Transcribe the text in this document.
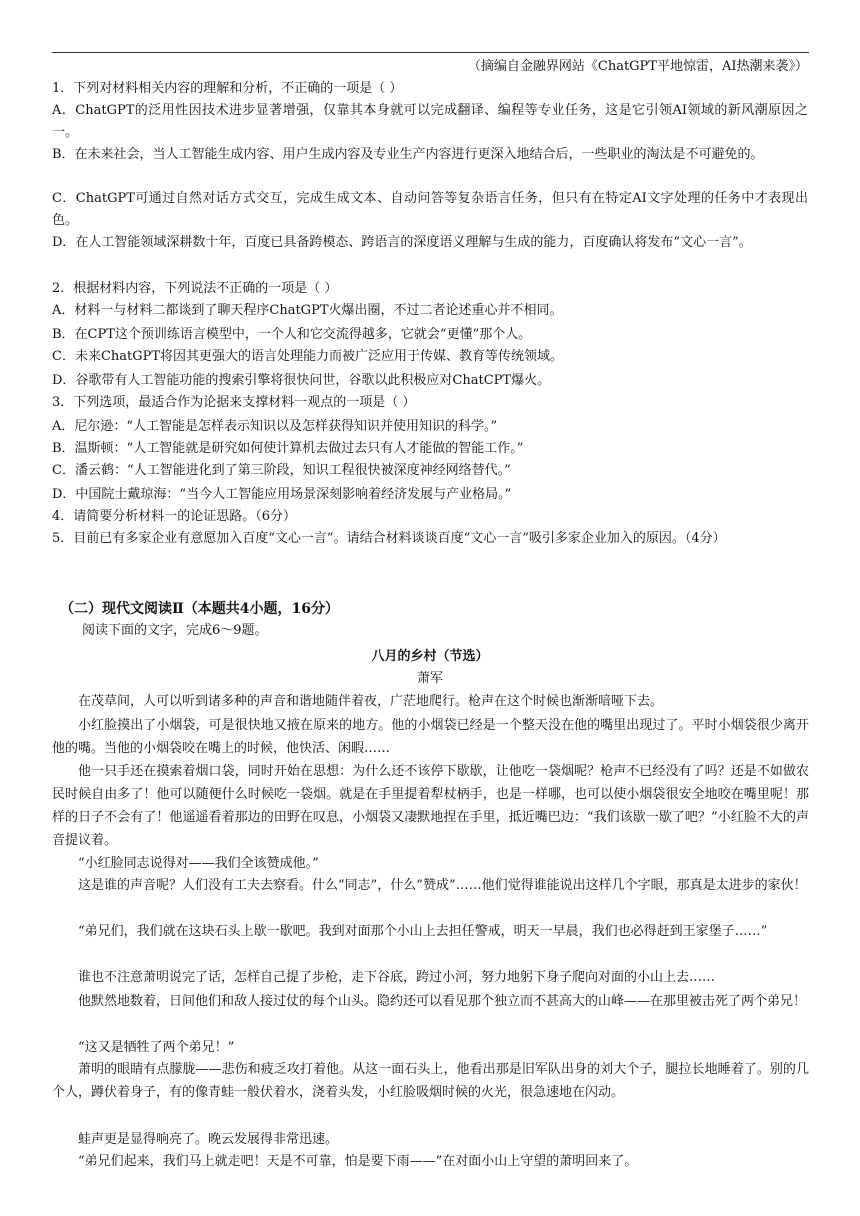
（摘编自金融界网站《ChatGPT平地惊雷，AI热潮来袭》）
1．下列对材料相关内容的理解和分析，不正确的一项是（ ）
A．ChatGPT的泛用性因技术进步显著增强，仅靠其本身就可以完成翻译、编程等专业任务，这是它引领AI领域的新风潮原因之一。
B．在未来社会，当人工智能生成内容、用户生成内容及专业生产内容进行更深入地结合后，一些职业的淘汰是不可避免的。
C．ChatGPT可通过自然对话方式交互，完成生成文本、自动问答等复杂语言任务，但只有在特定AI文字处理的任务中才表现出色。
D．在人工智能领域深耕数十年，百度已具备跨模态、跨语言的深度语义理解与生成的能力，百度确认将发布“文心一言”。
2．根据材料内容，下列说法不正确的一项是（ ）
A．材料一与材料二都谈到了聊天程序ChatGPT火爆出圈，不过二者论述重心并不相同。
B．在CPT这个预训练语言模型中，一个人和它交流得越多，它就会“更懂”那个人。
C．未来ChatGPT将因其更强大的语言处理能力而被广泛应用于传媒、教育等传统领域。
D．谷歌带有人工智能功能的搜索引擎将很快问世，谷歌以此积极应对ChatCPT爆火。
3．下列选项，最适合作为论据来支撑材料一观点的一项是（ ）
A．尼尔逊：“人工智能是怎样表示知识以及怎样获得知识并使用知识的科学。”
B．温斯顿：“人工智能就是研究如何使计算机去做过去只有人才能做的智能工作。”
C．潘云鹤：“人工智能进化到了第三阶段，知识工程很快被深度神经网络替代。”
D．中国院士戴琼海：“当今人工智能应用场景深刻影响着经济发展与产业格局。”
4．请简要分析材料一的论证思路。（6分）
5．目前已有多家企业有意愿加入百度“文心一言”。请结合材料谈谈百度“文心一言”吸引多家企业加入的原因。（4分）
（二）现代文阅读Ⅱ（本题共4小题，16分）
阅读下面的文字，完成6～9题。
八月的乡村（节选）
萧军
在茂草间，人可以听到诸多种的声音和谐地随伴着夜，广茫地爬行。枪声在这个时候也渐渐喑哑下去。
小红脸摸出了小烟袋，可是很快地又掖在原来的地方。他的小烟袋已经是一个整天没在他的嘴里出现过了。平时小烟袋很少离开他的嘴。当他的小烟袋咬在嘴上的时候，他快活、闲暇……
他一只手还在摸索着烟口袋，同时开始在思想：为什么还不该停下歇歇，让他吃一袋烟呢？枪声不已经没有了吗？还是不如做农民时候自由多了！他可以随便什么时候吃一袋烟。就是在手里提着犁杖柄手，也是一样哪，也可以使小烟袋很安全地咬在嘴里呢！那样的日子不会有了！他遥遥看着那边的田野在叹息，小烟袋又凄默地捏在手里，抵近嘴巴边：“我们该歇一歇了吧？”小红脸不大的声音提议着。
“小红脸同志说得对——我们全该赞成他。”
这是谁的声音呢？人们没有工夫去察看。什么“同志”，什么“赞成”……他们觉得谁能说出这样几个字眼，那真是太进步的家伙！
“弟兄们，我们就在这块石头上歇一歇吧。我到对面那个小山上去担任警戒，明天一早晨，我们也必得赶到王家堡子……”
谁也不注意萧明说完了话，怎样自己提了步枪，走下谷底，跨过小河，努力地躬下身子爬向对面的小山上去……
他默然地数着，日间他们和敌人接过仗的每个山头。隐约还可以看见那个独立而不甚高大的山峰——在那里被击死了两个弟兄！
“这又是牺牲了两个弟兄！”
萧明的眼睛有点朦胧——悲伤和疲乏攻打着他。从这一面石头上，他看出那是旧军队出身的刘大个子，腿拉长地睡着了。别的几个人，蹲伏着身子，有的像青蛙一般伏着水，浇着头发，小红脸吸烟时候的火光，很急速地在闪动。
蛙声更是显得响亮了。晚云发展得非常迅速。
“弟兄们起来，我们马上就走吧！天是不可靠，怕是要下雨——”在对面小山上守望的萧明回来了。
